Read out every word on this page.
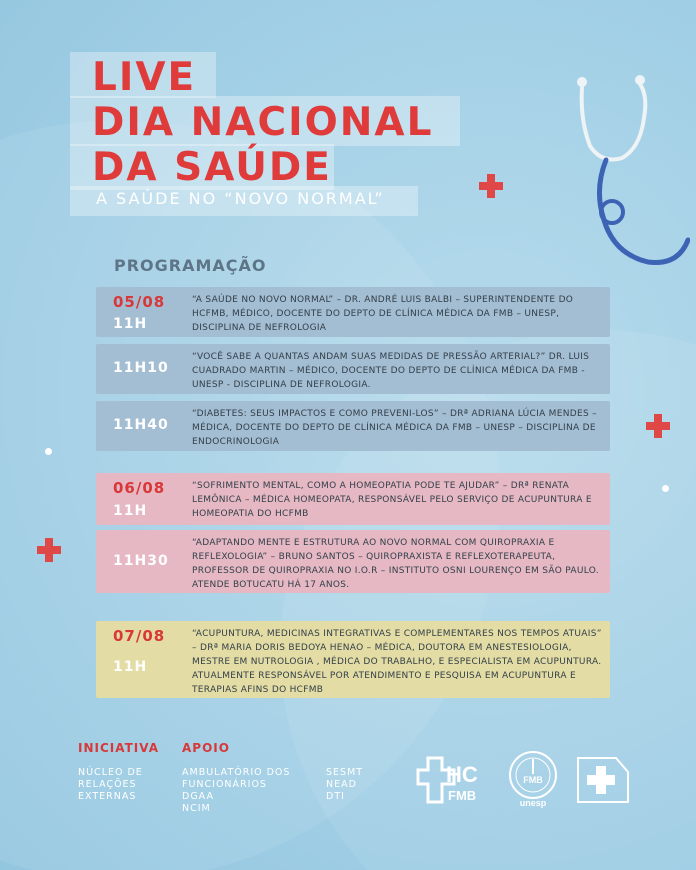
LIVE
DIA NACIONAL
DA SAÚDE
A SAÚDE NO “NOVO NORMAL”
PROGRAMAÇÃO
05/08
11H
“A SAÚDE NO NOVO NORMAL” – DR. ANDRÉ LUIS BALBI – SUPERINTENDENTE DO HCFMB, MÉDICO, DOCENTE DO DEPTO DE CLÍNICA MÉDICA DA FMB – UNESP, DISCIPLINA DE NEFROLOGIA
11H10
“VOCÊ SABE A QUANTAS ANDAM SUAS MEDIDAS DE PRESSÃO ARTERIAL?” DR. LUIS CUADRADO MARTIN – MÉDICO, DOCENTE DO DEPTO DE CLÍNICA MÉDICA DA FMB - UNESP - DISCIPLINA DE NEFROLOGIA.
11H40
“DIABETES: SEUS IMPACTOS E COMO PREVENI-LOS” – DRª ADRIANA LÚCIA MENDES – MÉDICA, DOCENTE DO DEPTO DE CLÍNICA MÉDICA DA FMB – UNESP – DISCIPLINA DE ENDOCRINOLOGIA
06/08
11H
“SOFRIMENTO MENTAL, COMO A HOMEOPATIA PODE TE AJUDAR” – DRª RENATA LEMÔNICA – MÉDICA HOMEOPATA, RESPONSÁVEL PELO SERVIÇO DE ACUPUNTURA E HOMEOPATIA DO HCFMB
11H30
“ADAPTANDO MENTE E ESTRUTURA AO NOVO NORMAL COM QUIROPRAXIA E REFLEXOLOGIA” – BRUNO SANTOS – QUIROPRAXISTA E REFLEXOTERAPEUTA, PROFESSOR DE QUIROPRAXIA NO I.O.R – INSTITUTO OSNI LOURENÇO EM SÃO PAULO. ATENDE BOTUCATU HÁ 17 ANOS.
07/08
11H
“ACUPUNTURA, MEDICINAS INTEGRATIVAS E COMPLEMENTARES NOS TEMPOS ATUAIS” – DRª MARIA DORIS BEDOYA HENAO – MÉDICA, DOUTORA EM ANESTESIOLOGIA, MESTRE EM NUTROLOGIA , MÉDICA DO TRABALHO, E ESPECIALISTA EM ACUPUNTURA. ATUALMENTE RESPONSÁVEL POR ATENDIMENTO E PESQUISA EM ACUPUNTURA E TERAPIAS AFINS DO HCFMB
INICIATIVA
NÚCLEO DE
RELAÇÕES
EXTERNAS
APOIO
AMBULATÓRIO DOS
FUNCIONÁRIOS
DGAA
NCIM
SESMT
NEAD
DTI
HC
FMB
FMB
unesp
